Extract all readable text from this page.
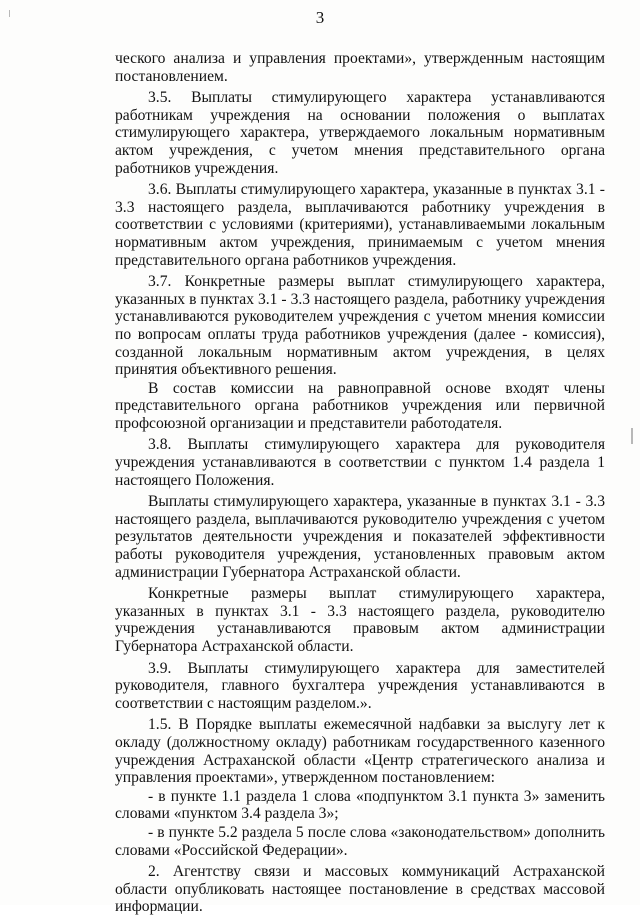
3

ческого анализа и управления проектами», утвержденным настоящим постановлением.

3.5. Выплаты стимулирующего характера устанавливаются работникам учреждения на основании положения о выплатах стимулирующего характера, утверждаемого локальным нормативным актом учреждения, с учетом мнения представительного органа работников учреждения.

3.6. Выплаты стимулирующего характера, указанные в пунктах 3.1 - 3.3 настоящего раздела, выплачиваются работнику учреждения в соответствии с условиями (критериями), устанавливаемыми локальным нормативным актом учреждения, принимаемым с учетом мнения представительного органа работников учреждения.

3.7. Конкретные размеры выплат стимулирующего характера, указанных в пунктах 3.1 - 3.3 настоящего раздела, работнику учреждения устанавливаются руководителем учреждения с учетом мнения комиссии по вопросам оплаты труда работников учреждения (далее - комиссия), созданной локальным нормативным актом учреждения, в целях принятия объективного решения.

В состав комиссии на равноправной основе входят члены представительного органа работников учреждения или первичной профсоюзной организации и представители работодателя.

3.8. Выплаты стимулирующего характера для руководителя учреждения устанавливаются в соответствии с пунктом 1.4 раздела 1 настоящего Положения.

Выплаты стимулирующего характера, указанные в пунктах 3.1 - 3.3 настоящего раздела, выплачиваются руководителю учреждения с учетом результатов деятельности учреждения и показателей эффективности работы руководителя учреждения, установленных правовым актом администрации Губернатора Астраханской области.

Конкретные размеры выплат стимулирующего характера, указанных в пунктах 3.1 - 3.3 настоящего раздела, руководителю учреждения устанавливаются правовым актом администрации Губернатора Астраханской области.

3.9. Выплаты стимулирующего характера для заместителей руководителя, главного бухгалтера учреждения устанавливаются в соответствии с настоящим разделом.».

1.5. В Порядке выплаты ежемесячной надбавки за выслугу лет к окладу (должностному окладу) работникам государственного казенного учреждения Астраханской области «Центр стратегического анализа и управления проектами», утвержденном постановлением:

- в пункте 1.1 раздела 1 слова «подпунктом 3.1 пункта 3» заменить словами «пунктом 3.4 раздела 3»;

- в пункте 5.2 раздела 5 после слова «законодательством» дополнить словами «Российской Федерации».

2. Агентству связи и массовых коммуникаций Астраханской области опубликовать настоящее постановление в средствах массовой информации.
